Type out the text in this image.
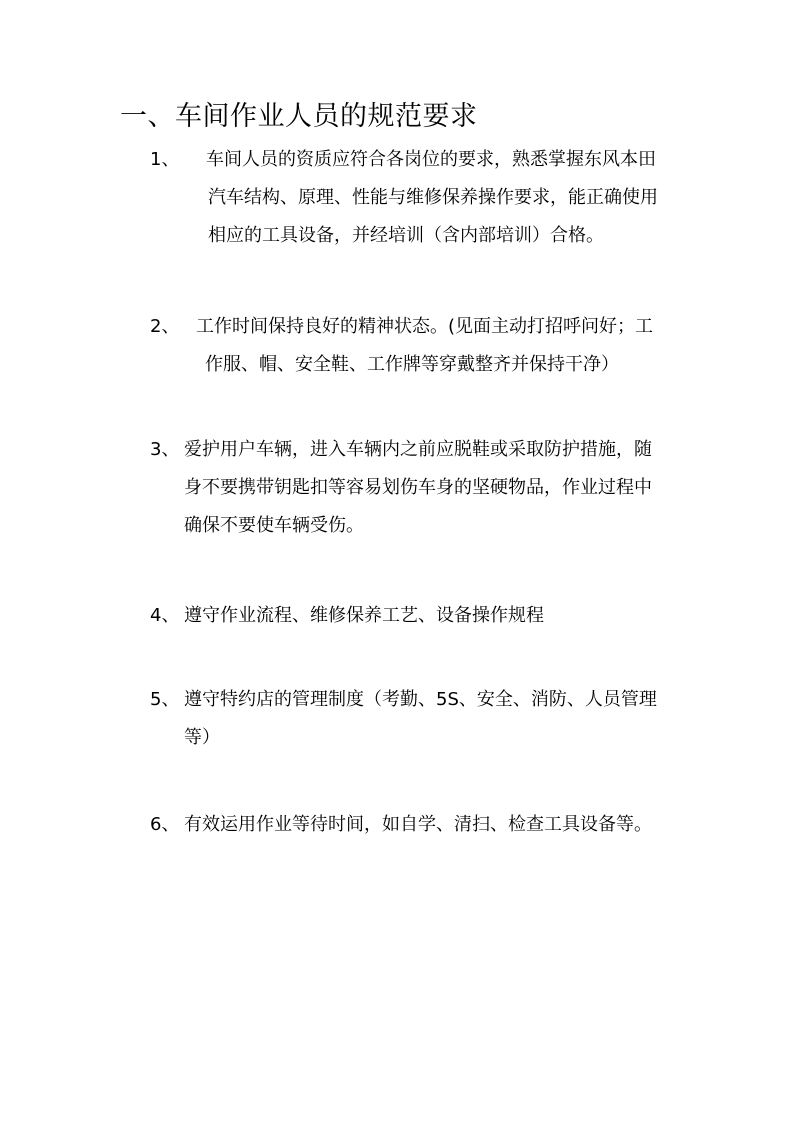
一、车间作业人员的规范要求
1、 车间人员的资质应符合各岗位的要求，熟悉掌握东风本田
汽车结构、原理、性能与维修保养操作要求，能正确使用
相应的工具设备，并经培训（含内部培训）合格。
2、 工作时间保持良好的精神状态。(见面主动打招呼问好；工
作服、帽、安全鞋、工作牌等穿戴整齐并保持干净）
3、 爱护用户车辆，进入车辆内之前应脱鞋或采取防护措施，随
身不要携带钥匙扣等容易划伤车身的坚硬物品，作业过程中
确保不要使车辆受伤。
4、 遵守作业流程、维修保养工艺、设备操作规程
5、 遵守特约店的管理制度（考勤、5S、安全、消防、人员管理
等）
6、 有效运用作业等待时间，如自学、清扫、检查工具设备等。
